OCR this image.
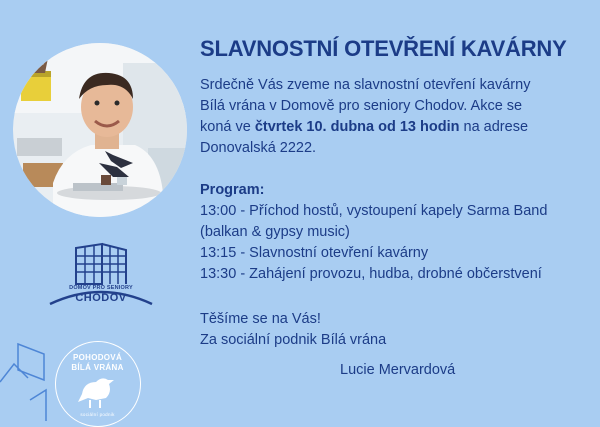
DOMOV PRO SENIORY
CHODOV
POHODOVÁ
BÍLÁ VRÁNA
sociální podnik
SLAVNOSTNÍ OTEVŘENÍ KAVÁRNY
Srdečně Vás zveme na slavnostní otevření kavárny
Bílá vrána v Domově pro seniory Chodov. Akce se
koná ve čtvrtek 10. dubna od 13 hodin na adrese
Donovalská 2222.
Program:
13:00 - Příchod hostů, vystoupení kapely Sarma Band
(balkan & gypsy music)
13:15 - Slavnostní otevření kavárny
13:30 - Zahájení provozu, hudba, drobné občerstvení
Těšíme se na Vás!
Za sociální podnik Bílá vrána
Lucie Mervardová
